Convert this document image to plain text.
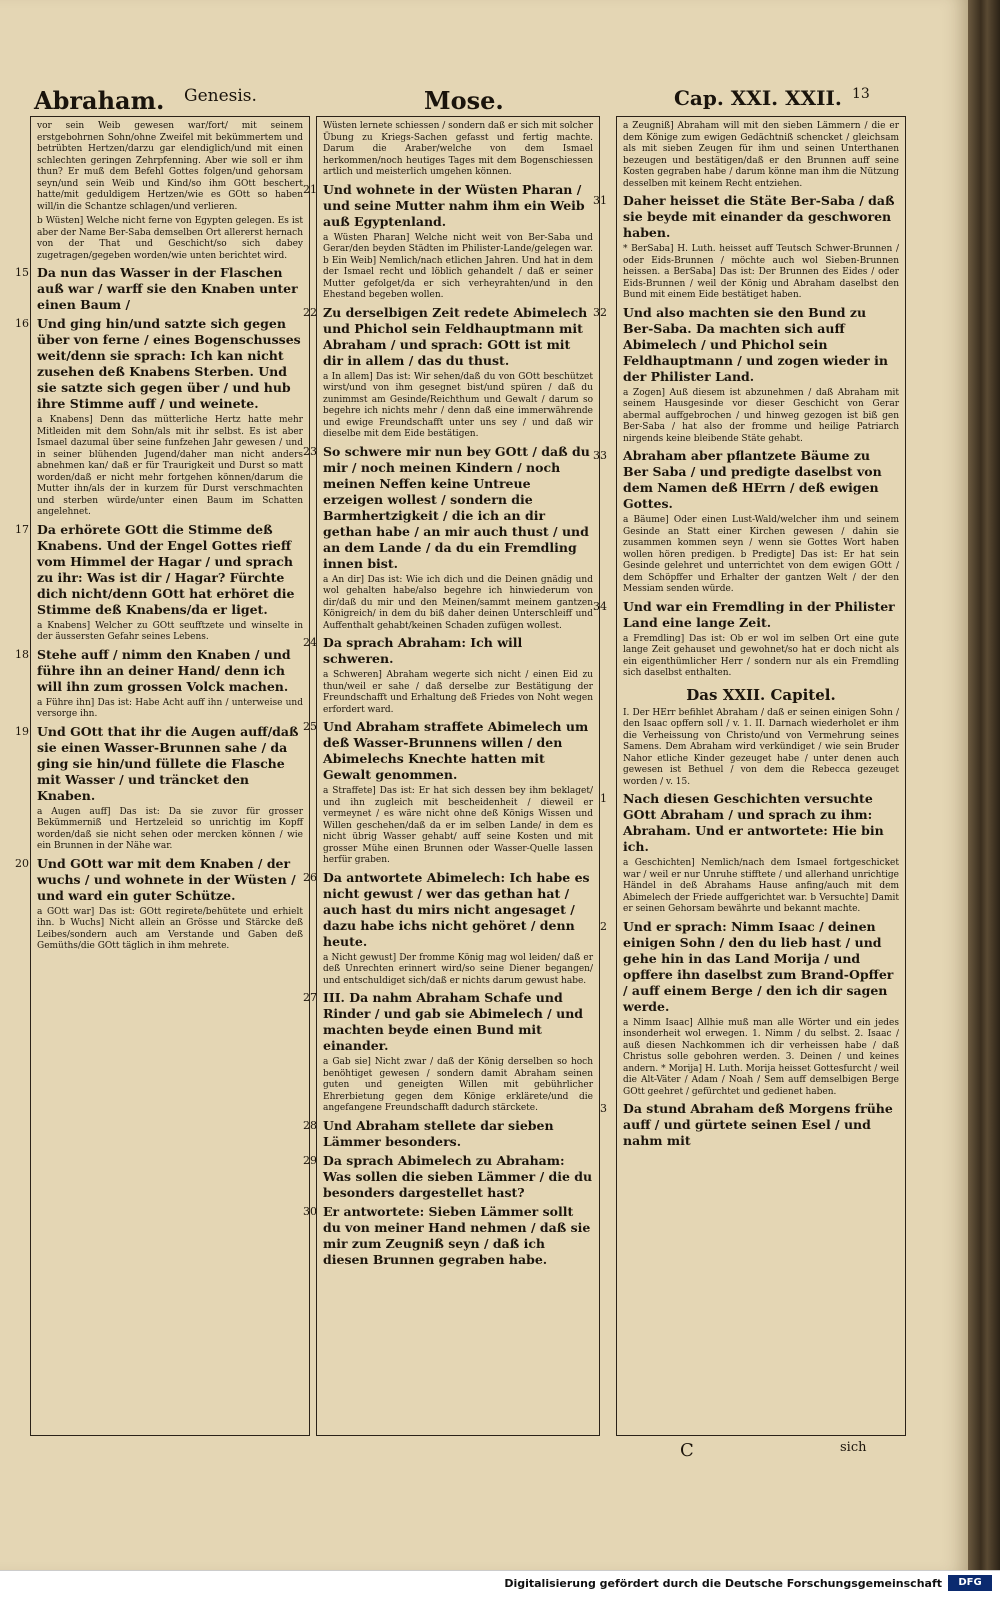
Abraham. Genesis.	Mose.	Cap. XXI. XXII. 13
vor sein Weib gewesen war/fort/ mit seinem erstgebohrnen Sohn/ohne Zweifel mit bekümmertem und betrübten Hertzen/darzu gar elendiglich/und mit einen schlechten geringen Zehrpfenning. Aber wie soll er ihm thun? Er muß dem Befehl Gottes folgen/und gehorsam seyn/und sein Weib und Kind/so ihm GOtt beschert hatte/mit geduldigem Hertzen/wie es GOtt so haben will/in die Schantze schlagen/und verlieren.
b Wüsten] Welche nicht ferne von Egypten gelegen. Es ist aber der Name Ber-Saba demselben Ort allererst hernach von der That und Geschicht/so sich dabey zugetragen/gegeben worden/wie unten berichtet wird.
15 Da nun das Wasser in der Flaschen auß war / warff sie den Knaben unter einen Baum /
16 Und ging hin/und satzte sich gegen über von ferne / eines Bogenschusses weit/denn sie sprach: Ich kan nicht zusehen deß Knabens Sterben. Und sie satzte sich gegen über / und hub ihre Stimme auff / und weinete.
a Knabens] Denn das mütterliche Hertz hatte mehr Mitleiden mit dem Sohn/als mit ihr selbst. Es ist aber Ismael dazumal über seine funfzehen Jahr gewesen / und in seiner blühenden Jugend/daher man nicht anders abnehmen kan/ daß er für Traurigkeit und Durst so matt worden/daß er nicht mehr fortgehen können/darum die Mutter ihn/als der in kurzem für Durst verschmachten und sterben würde/unter einen Baum im Schatten angelehnet.
17 Da erhörete GOtt die Stimme deß Knabens. Und der Engel Gottes rieff vom Himmel der Hagar / und sprach zu ihr: Was ist dir / Hagar? Fürchte dich nicht/denn GOtt hat erhöret die Stimme deß Knabens/da er liget.
a Knabens] Welcher zu GOtt seufftzete und winselte in der äussersten Gefahr seines Lebens.
18 Stehe auff / nimm den Knaben / und führe ihn an deiner Hand/ denn ich will ihn zum grossen Volck machen.
a Führe ihn] Das ist: Habe Acht auff ihn / unterweise und versorge ihn.
19 Und GOtt that ihr die Augen auff/daß sie einen Wasser-Brunnen sahe / da ging sie hin/und füllete die Flasche mit Wasser / und träncket den Knaben.
a Augen auff] Das ist: Da sie zuvor für grosser Bekümmerniß und Hertzeleid so unrichtig im Kopff worden/daß sie nicht sehen oder mercken können / wie ein Brunnen in der Nähe war.
20 Und GOtt war mit dem Knaben / der wuchs / und wohnete in der Wüsten / und ward ein guter Schütze.
a GOtt war] Das ist: GOtt regirete/behütete und erhielt ihn. b Wuchs] Nicht allein an Grösse und Stärcke deß Leibes/sondern auch am Verstande und Gaben deß Gemüths/die GOtt täglich in ihm mehrete.
Wüsten lernete schiessen / sondern daß er sich mit solcher Übung zu Kriegs-Sachen gefasst und fertig machte. Darum die Araber/welche von dem Ismael herkommen/noch heutiges Tages mit dem Bogenschiessen artlich und meisterlich umgehen können.
21 Und wohnete in der Wüsten Pharan / und seine Mutter nahm ihm ein Weib auß Egyptenland.
a Wüsten Pharan] Welche nicht weit von Ber-Saba und Gerar/den beyden Städten im Philister-Lande/gelegen war. b Ein Weib] Nemlich/nach etlichen Jahren. Und hat in dem der Ismael recht und löblich gehandelt / daß er seiner Mutter gefolget/da er sich verheyrahten/und in den Ehestand begeben wollen.
22 Zu derselbigen Zeit redete Abimelech und Phichol sein Feldhauptmann mit Abraham / und sprach: GOtt ist mit dir in allem / das du thust.
a In allem] Das ist: Wir sehen/daß du von GOtt beschützet wirst/und von ihm gesegnet bist/und spüren / daß du zunimmst am Gesinde/Reichthum und Gewalt / darum so begehre ich nichts mehr / denn daß eine immerwährende und ewige Freundschafft unter uns sey / und daß wir dieselbe mit dem Eide bestätigen.
23 So schwere mir nun bey GOtt / daß du mir / noch meinen Kindern / noch meinen Neffen keine Untreue erzeigen wollest / sondern die Barmhertzigkeit / die ich an dir gethan habe / an mir auch thust / und an dem Lande / da du ein Fremdling innen bist.
a An dir] Das ist: Wie ich dich und die Deinen gnädig und wol gehalten habe/also begehre ich hinwiederum von dir/daß du mir und den Meinen/sammt meinem gantzen Königreich/ in dem du biß daher deinen Unterschleiff und Auffenthalt gehabt/keinen Schaden zufügen wollest.
24 Da sprach Abraham: Ich will schweren.
a Schweren] Abraham wegerte sich nicht / einen Eid zu thun/weil er sahe / daß derselbe zur Bestätigung der Freundschafft und Erhaltung deß Friedes von Noht wegen erfordert ward.
25 Und Abraham straffete Abimelech um deß Wasser-Brunnens willen / den Abimelechs Knechte hatten mit Gewalt genommen.
a Straffete] Das ist: Er hat sich dessen bey ihm beklaget/ und ihn zugleich mit bescheidenheit / dieweil er vermeynet / es wäre nicht ohne deß Königs Wissen und Willen geschehen/daß da er im selben Lande/ in dem es nicht übrig Wasser gehabt/ auff seine Kosten und mit grosser Mühe einen Brunnen oder Wasser-Quelle lassen herfür graben.
26 Da antwortete Abimelech: Ich habe es nicht gewust / wer das gethan hat / auch hast du mirs nicht angesaget / dazu habe ichs nicht gehöret / denn heute.
a Nicht gewust] Der fromme König mag wol leiden/ daß er deß Unrechten erinnert wird/so seine Diener begangen/ und entschuldiget sich/daß er nichts darum gewust habe.
27 III. Da nahm Abraham Schafe und Rinder / und gab sie Abimelech / und machten beyde einen Bund mit einander.
a Gab sie] Nicht zwar / daß der König derselben so hoch benöhtiget gewesen / sondern damit Abraham seinen guten und geneigten Willen mit gebührlicher Ehrerbietung gegen dem Könige erklärete/und die angefangene Freundschafft dadurch stärckete.
28 Und Abraham stellete dar sieben Lämmer besonders.
29 Da sprach Abimelech zu Abraham: Was sollen die sieben Lämmer / die du besonders dargestellet hast?
30 Er antwortete: Sieben Lämmer sollt du von meiner Hand nehmen / daß sie mir zum Zeugniß seyn / daß ich diesen Brunnen gegraben habe.
a Zeugniß] Abraham will mit den sieben Lämmern / die er dem Könige zum ewigen Gedächtniß schencket / gleichsam als mit sieben Zeugen für ihm und seinen Unterthanen bezeugen und bestätigen/daß er den Brunnen auff seine Kosten gegraben habe / darum könne man ihm die Nützung desselben mit keinem Recht entziehen.
31 Daher heisset die Stäte Ber-Saba / daß sie beyde mit einander da geschworen haben.
* BerSaba] H. Luth. heisset auff Teutsch Schwer-Brunnen / oder Eids-Brunnen / möchte auch wol Sieben-Brunnen heissen. a BerSaba] Das ist: Der Brunnen des Eides / oder Eids-Brunnen / weil der König und Abraham daselbst den Bund mit einem Eide bestätiget haben.
32 Und also machten sie den Bund zu Ber-Saba. Da machten sich auff Abimelech / und Phichol sein Feldhauptmann / und zogen wieder in der Philister Land.
a Zogen] Auß diesem ist abzunehmen / daß Abraham mit seinem Hausgesinde vor dieser Geschicht von Gerar abermal auffgebrochen / und hinweg gezogen ist biß gen Ber-Saba / hat also der fromme und heilige Patriarch nirgends keine bleibende Stäte gehabt.
33 Abraham aber pflantzete Bäume zu Ber Saba / und predigte daselbst von dem Namen deß HErrn / deß ewigen Gottes.
a Bäume] Oder einen Lust-Wald/welcher ihm und seinem Gesinde an Statt einer Kirchen gewesen / dahin sie zusammen kommen seyn / wenn sie Gottes Wort haben wollen hören predigen. b Predigte] Das ist: Er hat sein Gesinde gelehret und unterrichtet von dem ewigen GOtt / dem Schöpffer und Erhalter der gantzen Welt / der den Messiam senden würde.
34 Und war ein Fremdling in der Philister Land eine lange Zeit.
a Fremdling] Das ist: Ob er wol im selben Ort eine gute lange Zeit gehauset und gewohnet/so hat er doch nicht als ein eigenthümlicher Herr / sondern nur als ein Fremdling sich daselbst enthalten.
Das XXII. Capitel.
I. Der HErr befihlet Abraham / daß er seinen einigen Sohn / den Isaac opffern soll / v. 1. II. Darnach wiederholet er ihm die Verheissung von Christo/und von Vermehrung seines Samens. Dem Abraham wird verkündiget / wie sein Bruder Nahor etliche Kinder gezeuget habe / unter denen auch gewesen ist Bethuel / von dem die Rebecca gezeuget worden / v. 15.
1 Nach diesen Geschichten versuchte GOtt Abraham / und sprach zu ihm: Abraham. Und er antwortete: Hie bin ich.
a Geschichten] Nemlich/nach dem Ismael fortgeschicket war / weil er nur Unruhe stifftete / und allerhand unrichtige Händel in deß Abrahams Hause anfing/auch mit dem Abimelech der Friede auffgerichtet war. b Versuchte] Damit er seinen Gehorsam bewährte und bekannt machte.
2 Und er sprach: Nimm Isaac / deinen einigen Sohn / den du lieb hast / und gehe hin in das Land Morija / und opffere ihn daselbst zum Brand-Opffer / auff einem Berge / den ich dir sagen werde.
a Nimm Isaac] Allhie muß man alle Wörter und ein jedes insonderheit wol erwegen. 1. Nimm / du selbst. 2. Isaac / auß diesen Nachkommen ich dir verheissen habe / daß Christus solle gebohren werden. 3. Deinen / und keines andern. * Morija] H. Luth. Morija heisset Gottesfurcht / weil die Alt-Väter / Adam / Noah / Sem auff demselbigen Berge GOtt geehret / gefürchtet und gedienet haben.
3 Da stund Abraham deß Morgens frühe auff / und gürtete seinen Esel / und nahm mit
C	sich
Digitalisierung gefördert durch die Deutsche Forschungsgemeinschaft	DFG
